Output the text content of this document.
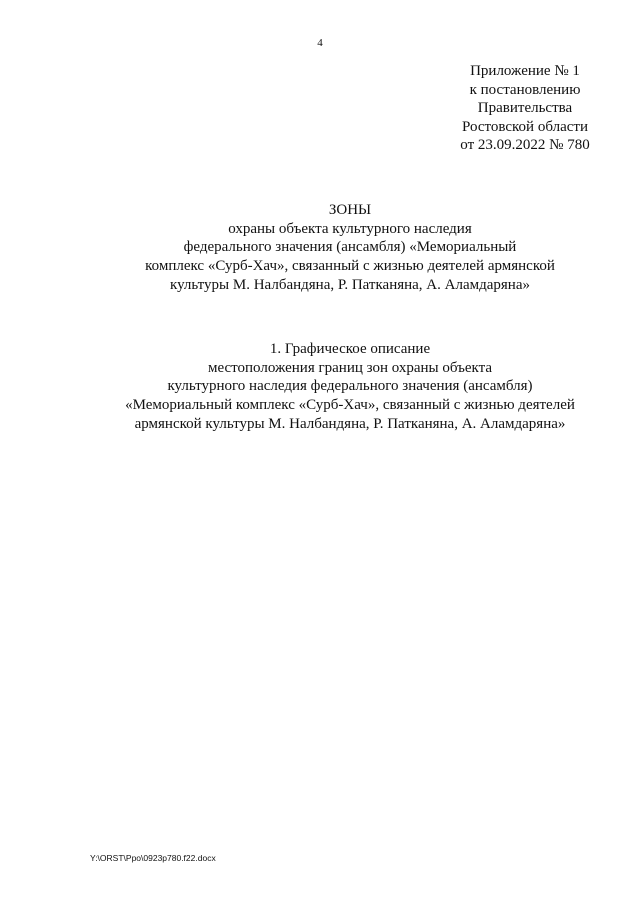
4
Приложение № 1
к постановлению
Правительства
Ростовской области
от 23.09.2022 № 780
ЗОНЫ
охраны объекта культурного наследия
федерального значения (ансамбля) «Мемориальный
комплекс «Сурб-Хач», связанный с жизнью деятелей армянской
культуры М. Налбандяна, Р. Патканяна, А. Аламдаряна»
1. Графическое описание
местоположения границ зон охраны объекта
культурного наследия федерального значения (ансамбля)
«Мемориальный комплекс «Сурб-Хач», связанный с жизнью деятелей
армянской культуры М. Налбандяна, Р. Патканяна, А. Аламдаряна»
Y:\ORST\Ppo\0923p780.f22.docx
